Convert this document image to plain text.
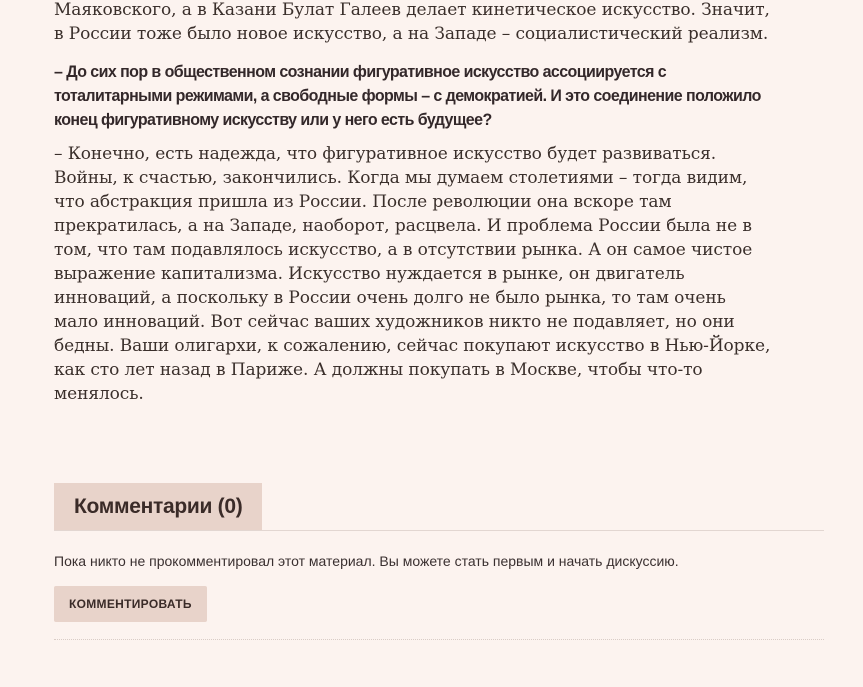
Маяковского, а в Казани Булат Галеев делает кинетическое искусство. Значит, в России тоже было новое искусство, а на Западе – социалистический реализм.

– До сих пор в общественном сознании фигуративное искусство ассоциируется с тоталитарными режимами, а свободные формы – с демократией. И это соединение положило конец фигуративному искусству или у него есть будущее?

– Конечно, есть надежда, что фигуративное искусство будет развиваться. Войны, к счастью, закончились. Когда мы думаем столетиями – тогда видим, что абстракция пришла из России. После революции она вскоре там прекратилась, а на Западе, наоборот, расцвела. И проблема России была не в том, что там подавлялось искусство, а в отсутствии рынка. А он самое чистое выражение капитализма. Искусство нуждается в рынке, он двигатель инноваций, а поскольку в России очень долго не было рынка, то там очень мало инноваций. Вот сейчас ваших художников никто не подавляет, но они бедны. Ваши олигархи, к сожалению, сейчас покупают искусство в Нью-Йорке, как сто лет назад в Париже. А должны покупать в Москве, чтобы что-то менялось.

Комментарии (0)
Пока никто не прокомментировал этот материал. Вы можете стать первым и начать дискуссию.
КОММЕНТИРОВАТЬ
